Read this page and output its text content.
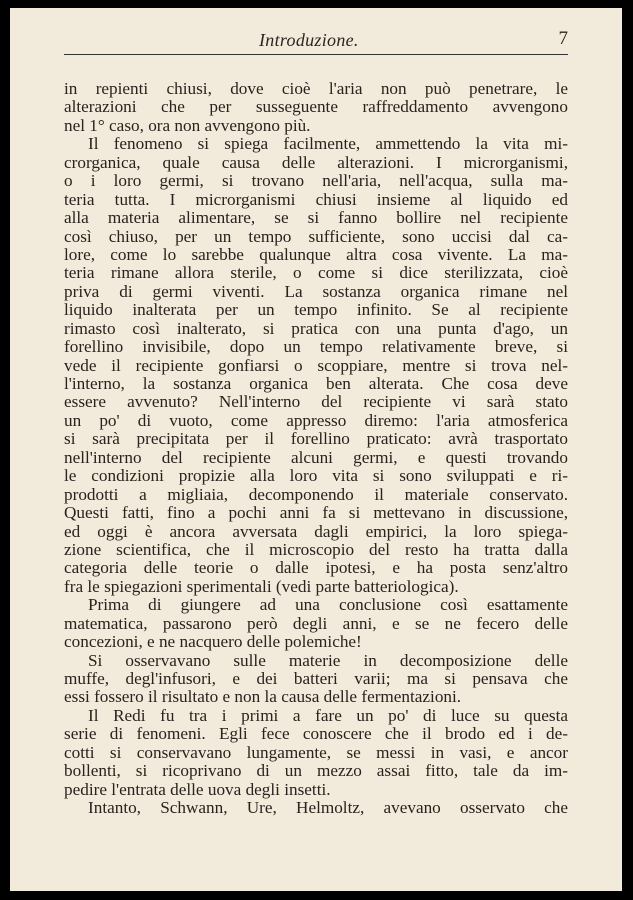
Introduzione.	7
in repienti chiusi, dove cioè l'aria non può penetrare, le
alterazioni che per susseguente raffreddamento avvengono
nel 1° caso, ora non avvengono più.
Il fenomeno si spiega facilmente, ammettendo la vita mi-
crorganica, quale causa delle alterazioni. I microrganismi,
o i loro germi, si trovano nell'aria, nell'acqua, sulla ma-
teria tutta. I microrganismi chiusi insieme al liquido ed
alla materia alimentare, se si fanno bollire nel recipiente
così chiuso, per un tempo sufficiente, sono uccisi dal ca-
lore, come lo sarebbe qualunque altra cosa vivente. La ma-
teria rimane allora sterile, o come si dice sterilizzata, cioè
priva di germi viventi. La sostanza organica rimane nel
liquido inalterata per un tempo infinito. Se al recipiente
rimasto così inalterato, si pratica con una punta d'ago, un
forellino invisibile, dopo un tempo relativamente breve, si
vede il recipiente gonfiarsi o scoppiare, mentre si trova nel-
l'interno, la sostanza organica ben alterata. Che cosa deve
essere avvenuto? Nell'interno del recipiente vi sarà stato
un po' di vuoto, come appresso diremo: l'aria atmosferica
si sarà precipitata per il forellino praticato: avrà trasportato
nell'interno del recipiente alcuni germi, e questi trovando
le condizioni propizie alla loro vita si sono sviluppati e ri-
prodotti a migliaia, decomponendo il materiale conservato.
Questi fatti, fino a pochi anni fa si mettevano in discussione,
ed oggi è ancora avversata dagli empirici, la loro spiega-
zione scientifica, che il microscopio del resto ha tratta dalla
categoria delle teorie o dalle ipotesi, e ha posta senz'altro
fra le spiegazioni sperimentali (vedi parte batteriologica).
Prima di giungere ad una conclusione così esattamente
matematica, passarono però degli anni, e se ne fecero delle
concezioni, e ne nacquero delle polemiche!
Si osservavano sulle materie in decomposizione delle
muffe, degl'infusori, e dei batteri varii; ma si pensava che
essi fossero il risultato e non la causa delle fermentazioni.
Il Redi fu tra i primi a fare un po' di luce su questa
serie di fenomeni. Egli fece conoscere che il brodo ed i de-
cotti si conservavano lungamente, se messi in vasi, e ancor
bollenti, si ricoprivano di un mezzo assai fitto, tale da im-
pedire l'entrata delle uova degli insetti.
Intanto, Schwann, Ure, Helmoltz, avevano osservato che
